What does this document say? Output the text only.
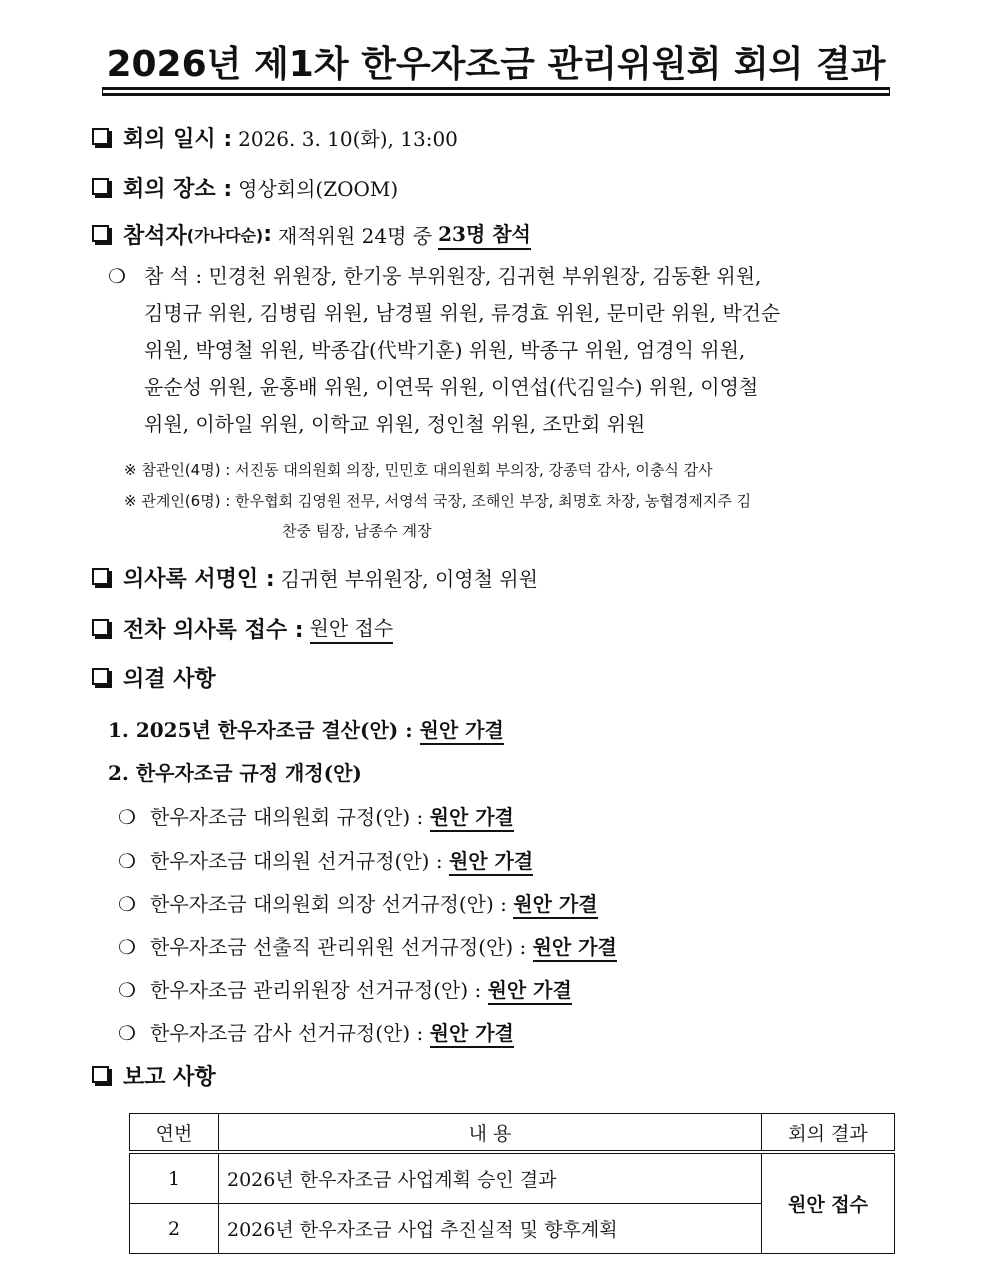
2026년 제1차 한우자조금 관리위원회 회의 결과
회의 일시 : 2026. 3. 10(화), 13:00
회의 장소 : 영상회의(ZOOM)
참석자 (가나다순) : 재적위원 24명 중 23명 참석
❍ 참 석 : 민경천 위원장, 한기웅 부위원장, 김귀현 부위원장, 김동환 위원,
김명규 위원, 김병림 위원, 남경필 위원, 류경효 위원, 문미란 위원, 박건순
위원, 박영철 위원, 박종갑(代박기훈) 위원, 박종구 위원, 엄경익 위원,
윤순성 위원, 윤홍배 위원, 이연묵 위원, 이연섭(代김일수) 위원, 이영철
위원, 이하일 위원, 이학교 위원, 정인철 위원, 조만회 위원
※ 참관인(4명) : 서진동 대의원회 의장, 민민호 대의원회 부의장, 강종덕 감사, 이충식 감사
※ 관계인(6명) : 한우협회 김영원 전무, 서영석 국장, 조해인 부장, 최명호 차장, 농협경제지주 김
찬중 팀장, 남종수 계장
의사록 서명인 : 김귀현 부위원장, 이영철 위원
전차 의사록 접수 : 원안 접수
의결 사항
1. 2025년 한우자조금 결산(안) : 원안 가결
2. 한우자조금 규정 개정(안)
❍ 한우자조금 대의원회 규정(안) : 원안 가결
❍ 한우자조금 대의원 선거규정(안) : 원안 가결
❍ 한우자조금 대의원회 의장 선거규정(안) : 원안 가결
❍ 한우자조금 선출직 관리위원 선거규정(안) : 원안 가결
❍ 한우자조금 관리위원장 선거규정(안) : 원안 가결
❍ 한우자조금 감사 선거규정(안) : 원안 가결
보고 사항
연번	내 용	회의 결과
1	2026년 한우자조금 사업계획 승인 결과	원안 접수
2	2026년 한우자조금 사업 추진실적 및 향후계획	
